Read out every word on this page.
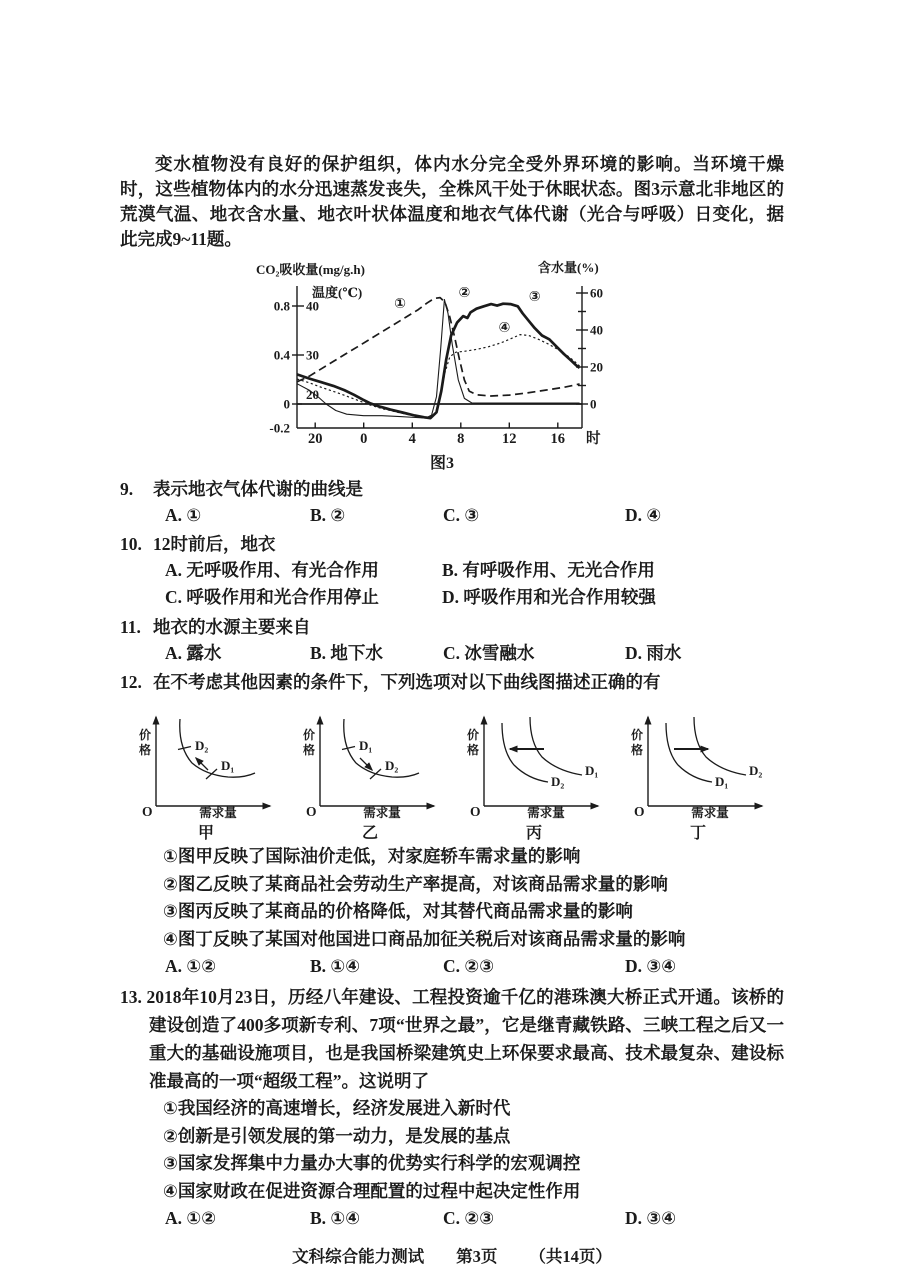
变水植物没有良好的保护组织，体内水分完全受外界环境的影响。当环境干燥时，这些植物体内的水分迅速蒸发丧失，全株风干处于休眠状态。图3示意北非地区的荒漠气温、地衣含水量、地衣叶状体温度和地衣气体代谢（光合与呼吸）日变化，据此完成9~11题。

CO₂吸收量(mg/g.h)
温度(℃)
含水量(%)
0.8
0.4
0
-0.2
40
30
20
60
40
20
0
20	0	4	8	12 16 时
①
②	③
④
图3
9. 表示地衣气体代谢的曲线是
A. ①	B. ②	C. ③	D. ④
10. 12时前后，地衣
A. 无呼吸作用、有光合作用	B. 有呼吸作用、无光合作用
C. 呼吸作用和光合作用停止	D. 呼吸作用和光合作用较强
11. 地衣的水源主要来自
A. 露水	B. 地下水	C. 冰雪融水	D. 雨水
12. 在不考虑其他因素的条件下，下列选项对以下曲线图描述正确的有
价格	D₂
D₁
O	需求量
甲
价格	D₁
D₂
O	需求量
乙
价格
D₁
D₂
O	需求量
丙
价格
D₂
D₁
O	需求量
丁
①图甲反映了国际油价走低，对家庭轿车需求量的影响
②图乙反映了某商品社会劳动生产率提高，对该商品需求量的影响
③图丙反映了某商品的价格降低，对其替代商品需求量的影响
④图丁反映了某国对他国进口商品加征关税后对该商品需求量的影响
A. ①②	B. ①④	C. ②③	D. ③④
13. 2018年10月23日，历经八年建设、工程投资逾千亿的港珠澳大桥正式开通。该桥的建设创造了400多项新专利、7项“世界之最”，它是继青藏铁路、三峡工程之后又一重大的基础设施项目，也是我国桥梁建筑史上环保要求最高、技术最复杂、建设标准最高的一项“超级工程”。这说明了
①我国经济的高速增长，经济发展进入新时代
②创新是引领发展的第一动力，是发展的基点
③国家发挥集中力量办大事的优势实行科学的宏观调控
④国家财政在促进资源合理配置的过程中起决定性作用
A. ①②	B. ①④	C. ②③	D. ③④
文科综合能力测试 第3页 （共14页）
